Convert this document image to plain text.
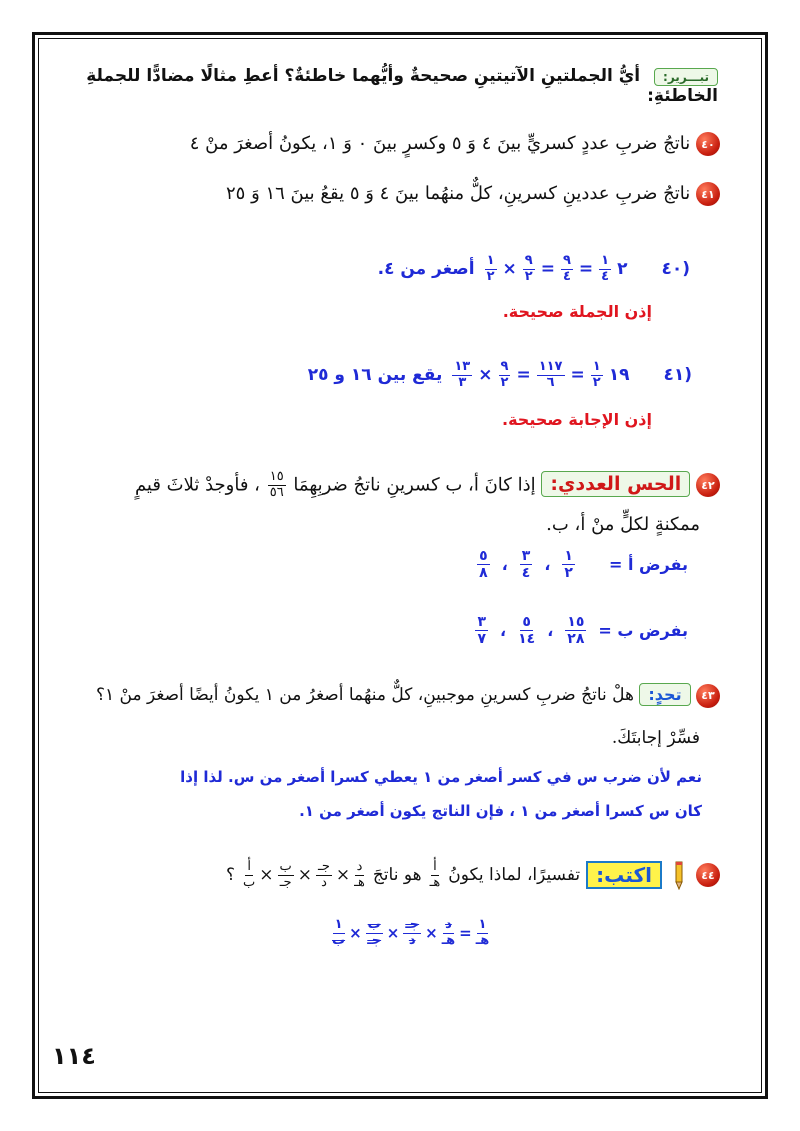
تبـــرير: أيُّ الجملتينِ الآتيتينِ صحيحةٌ وأيُّهما خاطئةٌ؟ أعطِ مثالًا مضادًّا للجملةِ الخاطئةِ:
٤٠ ناتجُ ضربِ عددٍ كسريٍّ بينَ ٤ وَ ٥ وكسرٍ بينَ ٠ وَ ١، يكونُ أصغرَ منْ ٤
٤١ ناتجُ ضربِ عددينِ كسرينِ، كلٌّ منهُما بينَ ٤ وَ ٥ يقعُ بينَ ١٦ وَ ٢٥
(٤٠
$\frac{١}{٢} \times \frac{٩}{٢} = \frac{٩}{٤} = \frac{١}{٤}$ ٢
أصغر من ٤.
إذن الجملة صحيحة.
(٤١
$\frac{١٣}{٣} \times \frac{٩}{٢} = \frac{١١٧}{٦} = \frac{١}{٢}$ ١٩
يقع بين ١٦ و ٢٥
إذن الإجابة صحيحة.
٤٢ الحس العددي: إذا كانَ أ، ب كسرينِ ناتجُ ضربِهِمَا
$\frac{١٥}{٥٦}$
، فأوجدْ ثلاثَ قيمٍ
ممكنةٍ لكلٍّ منْ أ، ب.
بفرض أ =
$\frac{١}{٢}$
،
$\frac{٣}{٤}$
،
$\frac{٥}{٨}$
بفرض ب =
$\frac{١٥}{٢٨}$
،
$\frac{٥}{١٤}$
،
$\frac{٣}{٧}$
٤٣ تحدٍ: هلْ ناتجُ ضربِ كسرينِ موجبينِ، كلٌّ منهُما أصغرُ من ١ يكونُ أيضًا أصغرَ منْ ١؟
فسِّرْ إجابتَكَ.
نعم لأن ضرب س في كسر أصغر من ١ يعطي كسرا أصغر من س. لذا إذا
كان س كسرا أصغر من ١ ، فإن الناتج يكون أصغر من ١.
٤٤
اكتب:
تفسيرًا، لماذا يكونُ
$\frac{\text{أ}}{\text{هـ}}$
هو ناتجَ
$\frac{\text{أ}}{\text{ب}} \times \frac{\text{ب}}{\text{جـ}} \times \frac{\text{جـ}}{\text{د}} \times \frac{\text{د}}{\text{هـ}}$
؟
$\frac{١}{\text{ب}} \times \frac{\text{ب}}{\text{جـ}} \times \frac{\text{جـ}}{\text{د}} \times \frac{\text{د}}{\text{هـ}} = \frac{١}{\text{هـ}}$
١١٤
